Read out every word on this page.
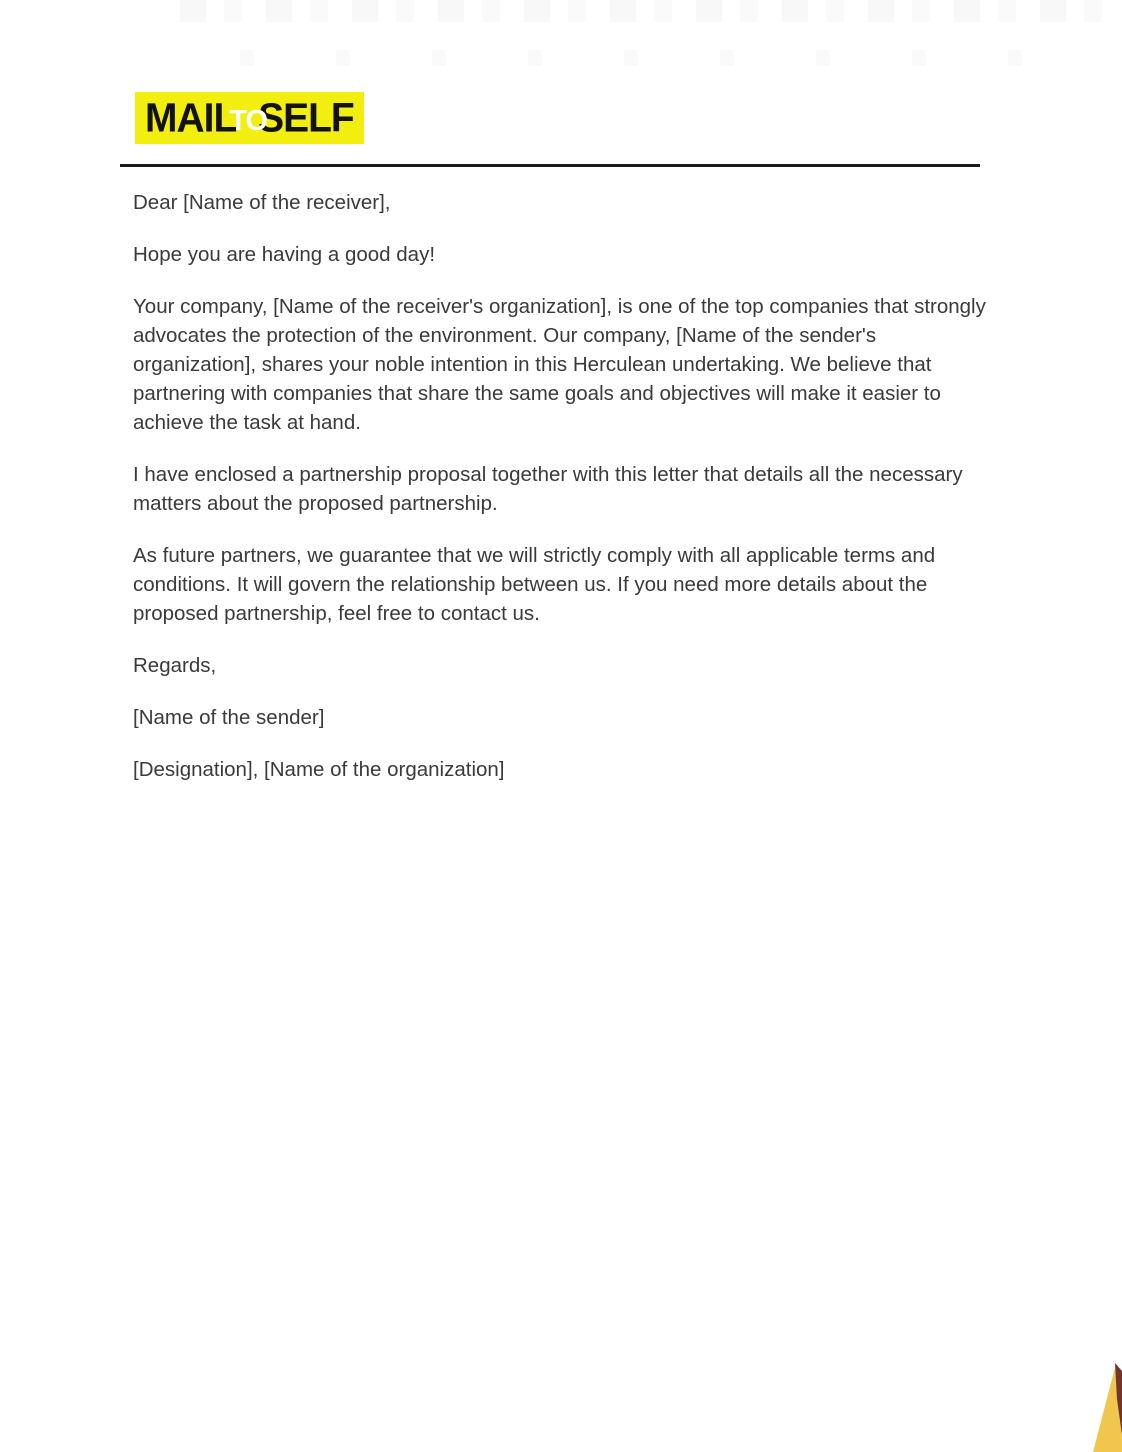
MAIL
TO
SELF

Dear [Name of the receiver],

Hope you are having a good day!

Your company, [Name of the receiver's organization], is one of the top companies that strongly advocates the protection of the environment. Our company, [Name of the sender's organization], shares your noble intention in this Herculean undertaking. We believe that partnering with companies that share the same goals and objectives will make it easier to achieve the task at hand.

I have enclosed a partnership proposal together with this letter that details all the necessary matters about the proposed partnership.

As future partners, we guarantee that we will strictly comply with all applicable terms and conditions. It will govern the relationship between us. If you need more details about the proposed partnership, feel free to contact us.

Regards,

[Name of the sender]

[Designation], [Name of the organization]
